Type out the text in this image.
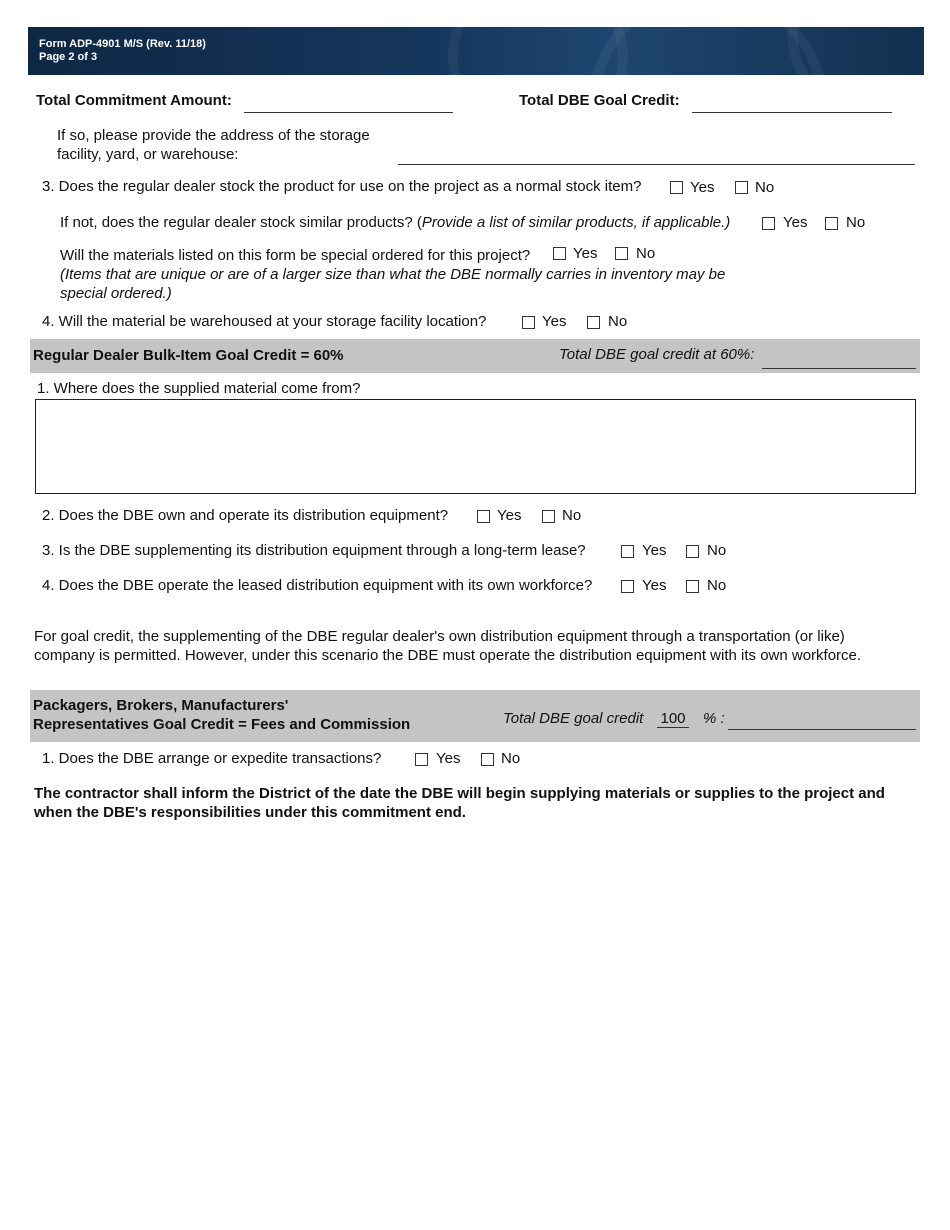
Form ADP-4901 M/S (Rev. 11/18)
Page 2 of 3
Total Commitment Amount:	Total DBE Goal Credit:
If so, please provide the address of the storage
facility, yard, or warehouse:
3. Does the regular dealer stock the product for use on the project as a normal stock item?	Yes	No
If not, does the regular dealer stock similar products? (Provide a list of similar products, if applicable.)	Yes	No
Will the materials listed on this form be special ordered for this project?	Yes	No
(Items that are unique or are of a larger size than what the DBE normally carries in inventory may be
special ordered.)
4. Will the material be warehoused at your storage facility location?	Yes	No
Regular Dealer Bulk-Item Goal Credit = 60%	Total DBE goal credit at 60%:
1. Where does the supplied material come from?
2. Does the DBE own and operate its distribution equipment?	Yes	No
3. Is the DBE supplementing its distribution equipment through a long-term lease?	Yes	No
4. Does the DBE operate the leased distribution equipment with its own workforce?	Yes	No
For goal credit, the supplementing of the DBE regular dealer's own distribution equipment through a transportation (or like)
company is permitted. However, under this scenario the DBE must operate the distribution equipment with its own workforce.
Packagers, Brokers, Manufacturers'
Representatives Goal Credit = Fees and Commission	Total DBE goal credit 100 % :
1. Does the DBE arrange or expedite transactions?	Yes	No
The contractor shall inform the District of the date the DBE will begin supplying materials or supplies to the project and
when the DBE's responsibilities under this commitment end.
